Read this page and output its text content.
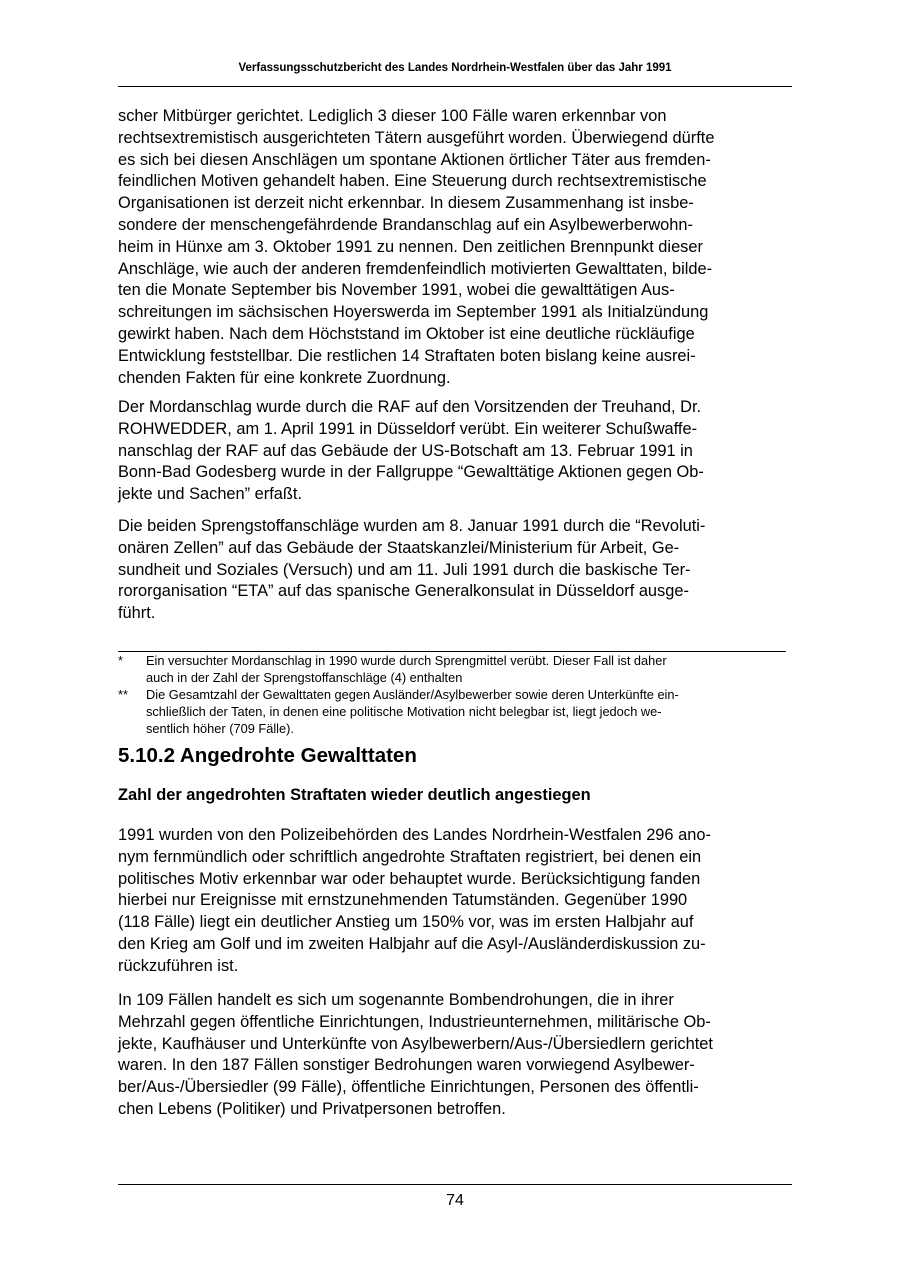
Verfassungsschutzbericht des Landes Nordrhein-Westfalen über das Jahr 1991
scher Mitbürger gerichtet. Lediglich 3 dieser 100 Fälle waren erkennbar von
rechtsextremistisch ausgerichteten Tätern ausgeführt worden. Überwiegend dürfte
es sich bei diesen Anschlägen um spontane Aktionen örtlicher Täter aus fremden-
feindlichen Motiven gehandelt haben. Eine Steuerung durch rechtsextremistische
Organisationen ist derzeit nicht erkennbar. In diesem Zusammenhang ist insbe-
sondere der menschengefährdende Brandanschlag auf ein Asylbewerberwohn-
heim in Hünxe am 3. Oktober 1991 zu nennen. Den zeitlichen Brennpunkt dieser
Anschläge, wie auch der anderen fremdenfeindlich motivierten Gewalttaten, bilde-
ten die Monate September bis November 1991, wobei die gewalttätigen Aus-
schreitungen im sächsischen Hoyerswerda im September 1991 als Initialzündung
gewirkt haben. Nach dem Höchststand im Oktober ist eine deutliche rückläufige
Entwicklung feststellbar. Die restlichen 14 Straftaten boten bislang keine ausrei-
chenden Fakten für eine konkrete Zuordnung.
Der Mordanschlag wurde durch die RAF auf den Vorsitzenden der Treuhand, Dr.
ROHWEDDER, am 1. April 1991 in Düsseldorf verübt. Ein weiterer Schußwaffe-
nanschlag der RAF auf das Gebäude der US-Botschaft am 13. Februar 1991 in
Bonn-Bad Godesberg wurde in der Fallgruppe “Gewalttätige Aktionen gegen Ob-
jekte und Sachen” erfaßt.
Die beiden Sprengstoffanschläge wurden am 8. Januar 1991 durch die “Revoluti-
onären Zellen” auf das Gebäude der Staatskanzlei/Ministerium für Arbeit, Ge-
sundheit und Soziales (Versuch) und am 11. Juli 1991 durch die baskische Ter-
rororganisation “ETA” auf das spanische Generalkonsulat in Düsseldorf ausge-
führt.
* Ein versuchter Mordanschlag in 1990 wurde durch Sprengmittel verübt. Dieser Fall ist daher
auch in der Zahl der Sprengstoffanschläge (4) enthalten
** Die Gesamtzahl der Gewalttaten gegen Ausländer/Asylbewerber sowie deren Unterkünfte ein-
schließlich der Taten, in denen eine politische Motivation nicht belegbar ist, liegt jedoch we-
sentlich höher (709 Fälle).
5.10.2 Angedrohte Gewalttaten
Zahl der angedrohten Straftaten wieder deutlich angestiegen
1991 wurden von den Polizeibehörden des Landes Nordrhein-Westfalen 296 ano-
nym fernmündlich oder schriftlich angedrohte Straftaten registriert, bei denen ein
politisches Motiv erkennbar war oder behauptet wurde. Berücksichtigung fanden
hierbei nur Ereignisse mit ernstzunehmenden Tatumständen. Gegenüber 1990
(118 Fälle) liegt ein deutlicher Anstieg um 150% vor, was im ersten Halbjahr auf
den Krieg am Golf und im zweiten Halbjahr auf die Asyl-/Ausländerdiskussion zu-
rückzuführen ist.
In 109 Fällen handelt es sich um sogenannte Bombendrohungen, die in ihrer
Mehrzahl gegen öffentliche Einrichtungen, Industrieunternehmen, militärische Ob-
jekte, Kaufhäuser und Unterkünfte von Asylbewerbern/Aus-/Übersiedlern gerichtet
waren. In den 187 Fällen sonstiger Bedrohungen waren vorwiegend Asylbewer-
ber/Aus-/Übersiedler (99 Fälle), öffentliche Einrichtungen, Personen des öffentli-
chen Lebens (Politiker) und Privatpersonen betroffen.
74
